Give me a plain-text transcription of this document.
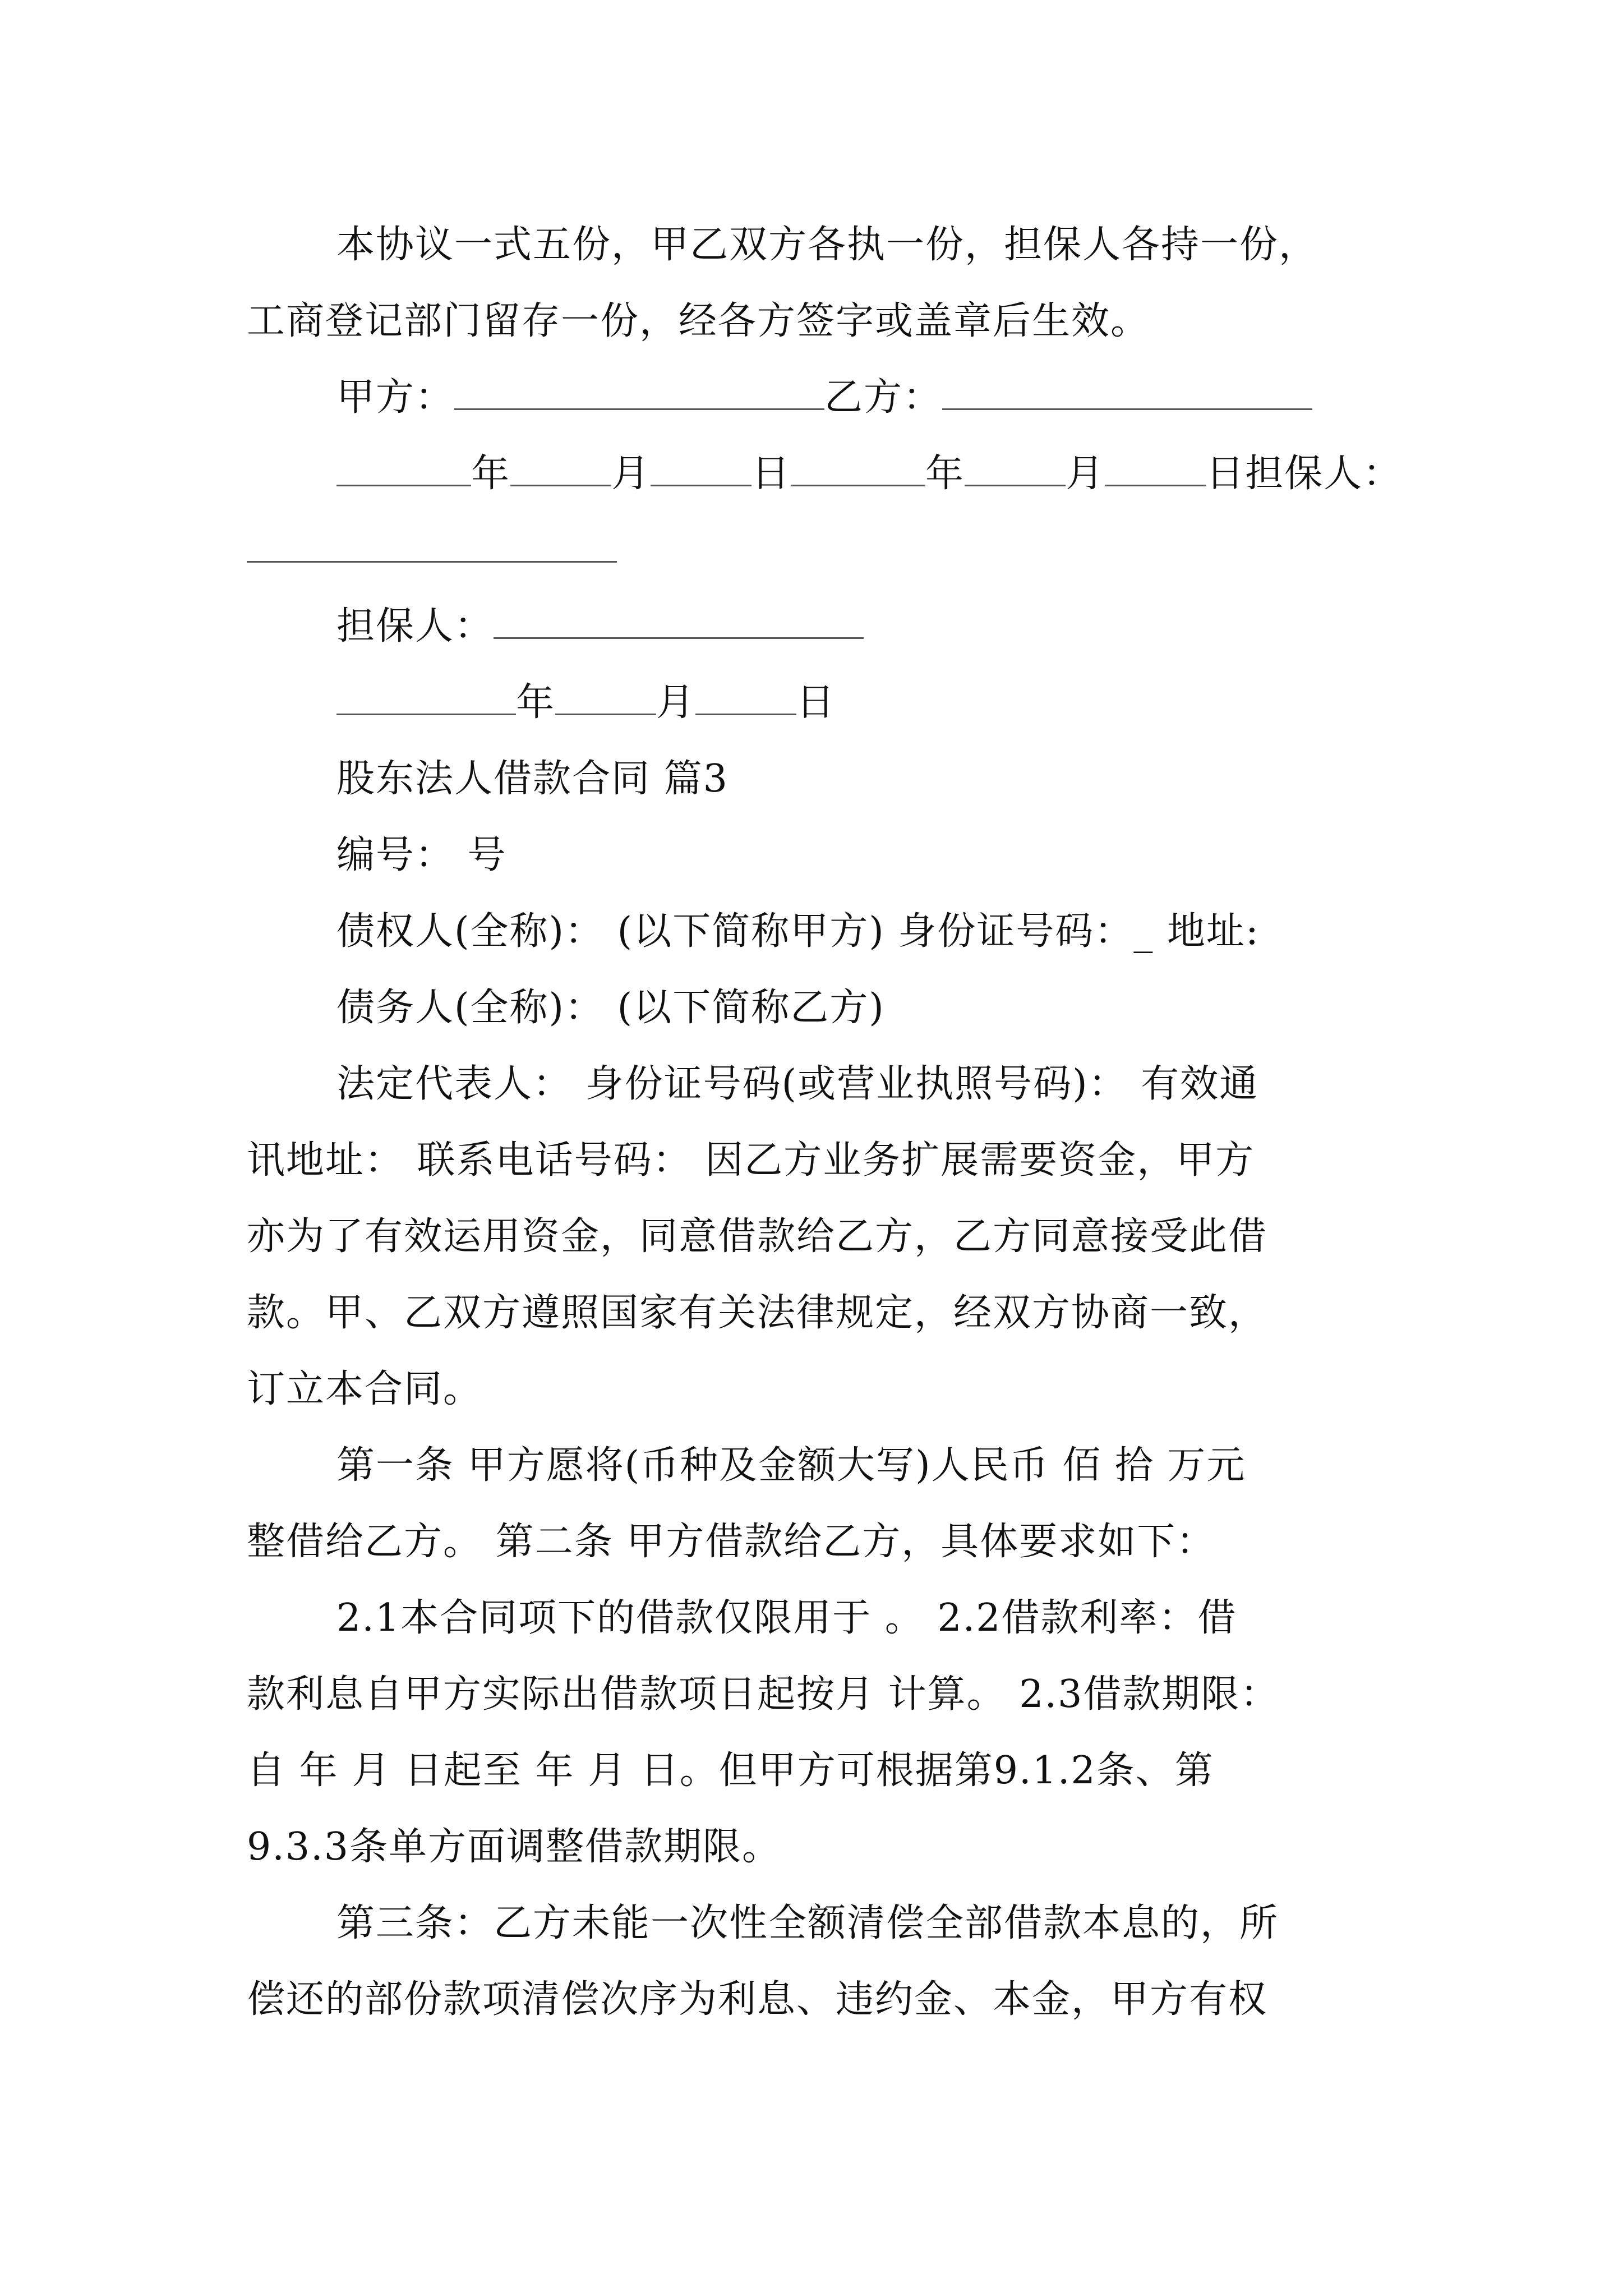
本协议一式五份，甲乙双方各执一份，担保人各持一份，
工商登记部门留存一份，经各方签字或盖章后生效。
甲方：	乙方：
年	月	日	年	月	日担保人：
担保人：
年	月	日
股东法人借款合同 篇3
编号： 号
债权人(全称)： (以下简称甲方) 身份证号码：_ 地址:
债务人(全称)： (以下简称乙方)
法定代表人： 身份证号码(或营业执照号码)： 有效通
讯地址： 联系电话号码： 因乙方业务扩展需要资金，甲方
亦为了有效运用资金，同意借款给乙方，乙方同意接受此借
款。甲、乙双方遵照国家有关法律规定，经双方协商一致，
订立本合同。
第一条 甲方愿将(币种及金额大写)人民币 佰 拾 万元
整借给乙方。 第二条 甲方借款给乙方，具体要求如下：
2.1本合同项下的借款仅限用于 。 2.2借款利率：借
款利息自甲方实际出借款项日起按月 计算。 2.3借款期限：
自 年 月 日起至 年 月 日。但甲方可根据第9.1.2条、第
9.3.3条单方面调整借款期限。
第三条：乙方未能一次性全额清偿全部借款本息的，所
偿还的部份款项清偿次序为利息、违约金、本金，甲方有权
